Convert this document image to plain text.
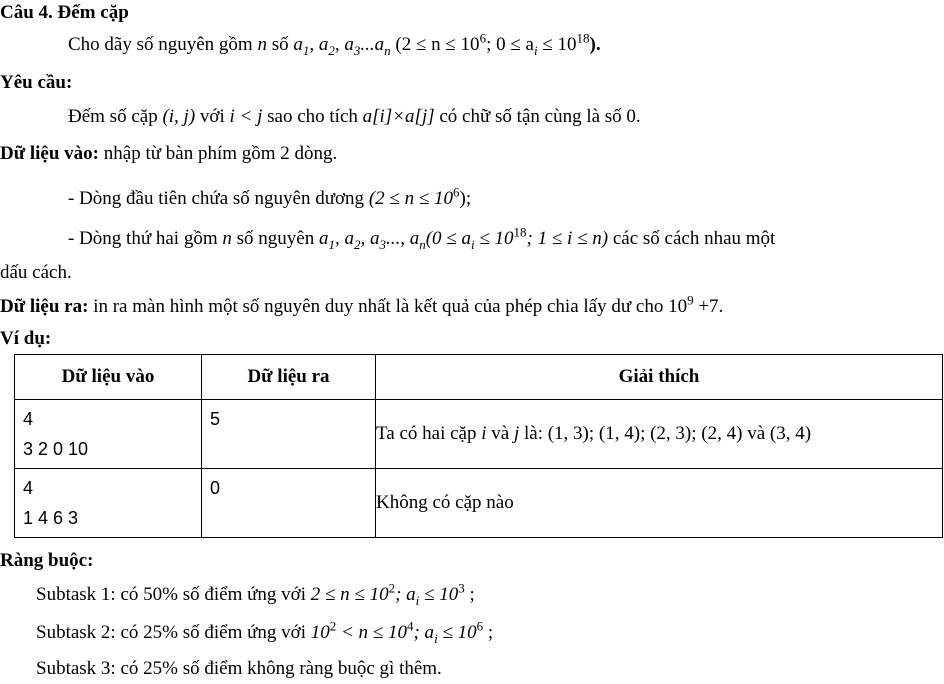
Câu 4. Đếm cặp
Cho dãy số nguyên gồm n số $a_1$, $a_2$, $a_3...a_n$ ($2 \le n \le 10^6$; $0 \le a_i \le 10^{18}$).
Yêu cầu:
Đếm số cặp (i, j) với i < j sao cho tích a[i]×a[j] có chữ số tận cùng là số 0.
Dữ liệu vào: nhập từ bàn phím gồm 2 dòng.
- Dòng đầu tiên chứa số nguyên dương $(2 \le n \le 10^6)$;
- Dòng thứ hai gồm n số nguyên $a_1$, $a_2$, $a_3$..., $a_n(0 \le a_i \le 10^{18}$; 1 ≤ i ≤ n) các số cách nhau một
dấu cách.
Dữ liệu ra: in ra màn hình một số nguyên duy nhất là kết quả của phép chia lấy dư cho $10^9 +7$.
Ví dụ:
Dữ liệu vào	Dữ liệu ra	Giải thích

4
3 2 0 10	5	Ta có hai cặp i và j là: (1, 3); (1, 4); (2, 3); (2, 4) và (3, 4)

4
1 4 6 3	0	Không có cặp nào
Ràng buộc:
Subtask 1: có 50% số điểm ứng với $2 \le n \le 10^2$; $a_i \le 10^3$ ;
Subtask 2: có 25% số điểm ứng với $10^2 < n \le 10^4$; $a_i \le 10^6$ ;
Subtask 3: có 25% số điểm không ràng buộc gì thêm.
